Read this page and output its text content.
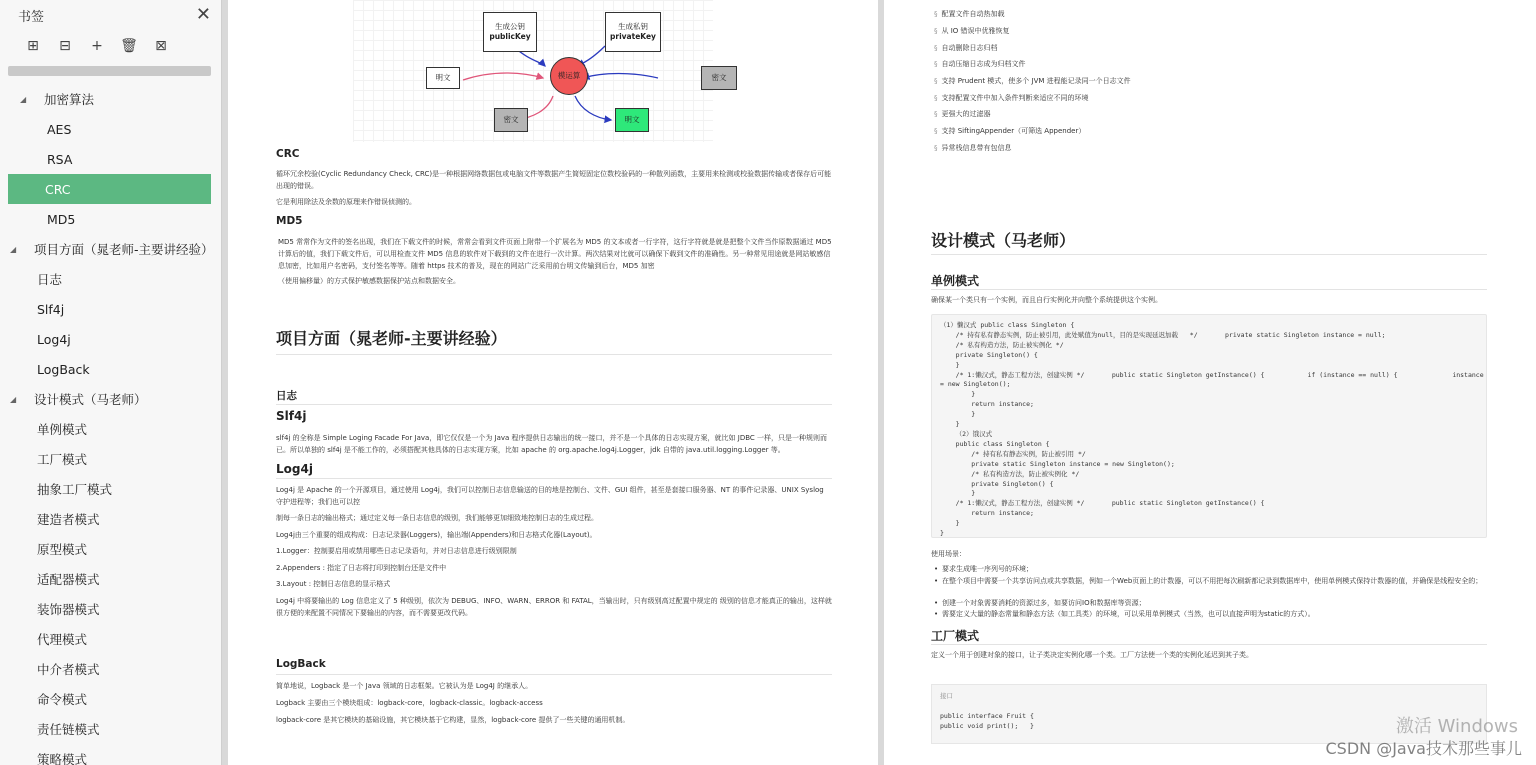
书签	✕
⊞	⊟	+	🗑	⊠
◢	加密算法
AES
RSA
CRC
MD5
◢	项目方面（晁老师-主要讲经验）
日志
Slf4j
Log4j
LogBack
◢	设计模式（马老师）
单例模式
工厂模式
抽象工厂模式
建造者模式
原型模式
适配器模式
装饰器模式
代理模式
中介者模式
命令模式
责任链模式
策略模式
生成公钥
publicKey
生成私钥
privateKey
明文	模运算	密文
密文	明文
CRC
循环冗余校验(Cyclic Redundancy Check, CRC)是一种根据网络数据包或电脑文件等数据产生简短固定位数校验码的一种散列函数，主要用来检测或校验数据传输或者保存后可能出现的错误。
它是利用除法及余数的原理来作错误侦测的。
MD5
MD5 常常作为文件的签名出现，我们在下载文件的时候，常常会看到文件页面上附带一个扩展名为 MD5 的文本或者一行字符，这行字符就是就是把整个文件当作原数据通过 MD5 计算后的值，我们下载文件后，可以用检查文件 MD5 信息的软件对下载到的文件在进行一次计算。两次结果对比就可以确保下载到文件的准确性。另一种常见用途就是网站敏感信息加密，比如用户名密码，支付签名等等。随着 https 技术的普及，现在的网站广泛采用前台明文传输到后台，MD5 加密
（使用偏移量）的方式保护敏感数据保护站点和数据安全。
项目方面（晁老师-主要讲经验）
日志
Slf4j
slf4j 的全称是 Simple Loging Facade For Java，即它仅仅是一个为 Java 程序提供日志输出的统一接口，并不是一个具体的日志实现方案，就比如 JDBC 一样，只是一种规则而已。所以单独的 slf4j 是不能工作的，必须搭配其他具体的日志实现方案，比如 apache 的 org.apache.log4j.Logger，jdk 自带的 java.util.logging.Logger 等。
Log4j
Log4j 是 Apache 的一个开源项目，通过使用 Log4j，我们可以控制日志信息输送的目的地是控制台、文件、GUI 组件，甚至是套接口服务器、NT 的事件记录器、UNIX Syslog 守护进程等；我们也可以控
制每一条日志的输出格式；通过定义每一条日志信息的级别，我们能够更加细致地控制日志的生成过程。
Log4j由三个重要的组成构成：日志记录器(Loggers)，输出端(Appenders)和日志格式化器(Layout)。
1.Logger：控制要启用或禁用哪些日志记录语句，并对日志信息进行级别限制
2.Appenders : 指定了日志将打印到控制台还是文件中
3.Layout : 控制日志信息的显示格式
Log4j 中将要输出的 Log 信息定义了 5 种级别，依次为 DEBUG、INFO、WARN、ERROR 和 FATAL，当输出时，只有级别高过配置中规定的 级别的信息才能真正的输出，这样就很方便的来配置不同情况下要输出的内容，而不需要更改代码。
LogBack
简单地说，Logback 是一个 Java 领域的日志框架。它被认为是 Log4J 的继承人。
Logback 主要由三个模块组成：logback-core，logback-classic。logback-access
logback-core 是其它模块的基础设施，其它模块基于它构建，显然，logback-core 提供了一些关键的通用机制。
§ 配置文件自动热加载
§ 从 IO 错误中优雅恢复
§ 自动删除日志归档
§ 自动压缩日志成为归档文件
§ 支持 Prudent 模式，使多个 JVM 进程能记录同一个日志文件
§ 支持配置文件中加入条件判断来适应不同的环境
§ 更强大的过滤器
§ 支持 SiftingAppender（可筛选 Appender）
§ 异常栈信息带有包信息
设计模式（马老师）
单例模式
确保某一个类只有一个实例，而且自行实例化并向整个系统提供这个实例。
（1）懒汉式 public class Singleton {
/* 持有私有静态实例，防止被引用，此处赋值为null，目的是实现延迟加载   */       private static Singleton instance = null;
/* 私有构造方法，防止被实例化 */
private Singleton() {
}
/* 1:懒汉式，静态工程方法，创建实例 */       public static Singleton getInstance() {           if (instance == null) {              instance
= new Singleton();
}
return instance;
}
}
（2）饿汉式
public class Singleton {
/* 持有私有静态实例，防止被引用 */
private static Singleton instance = new Singleton();
/* 私有构造方法，防止被实例化 */
private Singleton() {
}
/* 1:懒汉式，静态工程方法，创建实例 */       public static Singleton getInstance() {
return instance;
}
}
使用场景：
• 要求生成唯一序列号的环境；
• 在整个项目中需要一个共享访问点或共享数据，例如一个Web页面上的计数器，可以不用把每次刷新都记录到数据库中，使用单例模式保持计数器的值，并确保是线程安全的；
• 创建一个对象需要消耗的资源过多，如要访问IO和数据库等资源；
• 需要定义大量的静态常量和静态方法（如工具类）的环境，可以采用单例模式（当然，也可以直接声明为static的方式）。
工厂模式
定义一个用于创建对象的接口，让子类决定实例化哪一个类。工厂方法使一个类的实例化延迟到其子类。
接口

public interface Fruit {
public void print();   }	激活 Windows
CSDN @Java技术那些事儿
